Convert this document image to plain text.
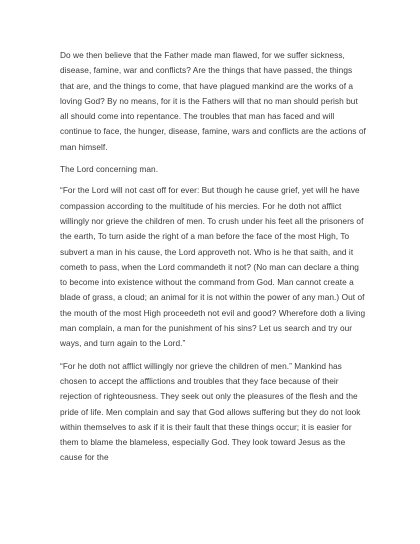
Do we then believe that the Father made man flawed, for we suffer sickness, disease, famine, war and conflicts? Are the things that have passed, the things that are, and the things to come, that have plagued mankind are the works of a loving God? By no means, for it is the Fathers will that no man should perish but all should come into repentance. The troubles that man has faced and will continue to face, the hunger, disease, famine, wars and conflicts are the actions of man himself.

The Lord concerning man.

“For the Lord will not cast off for ever: But though he cause grief, yet will he have compassion according to the multitude of his mercies. For he doth not afflict willingly nor grieve the children of men. To crush under his feet all the prisoners of the earth, To turn aside the right of a man before the face of the most High, To subvert a man in his cause, the Lord approveth not. Who is he that saith, and it cometh to pass, when the Lord commandeth it not? (No man can declare a thing to become into existence without the command from God. Man cannot create a blade of grass, a cloud; an animal for it is not within the power of any man.) Out of the mouth of the most High proceedeth not evil and good? Wherefore doth a living man complain, a man for the punishment of his sins? Let us search and try our ways, and turn again to the Lord.”

“For he doth not afflict willingly nor grieve the children of men.” Mankind has chosen to accept the afflictions and troubles that they face because of their rejection of righteousness. They seek out only the pleasures of the flesh and the pride of life. Men complain and say that God allows suffering but they do not look within themselves to ask if it is their fault that these things occur; it is easier for them to blame the blameless, especially God. They look toward Jesus as the cause for the
